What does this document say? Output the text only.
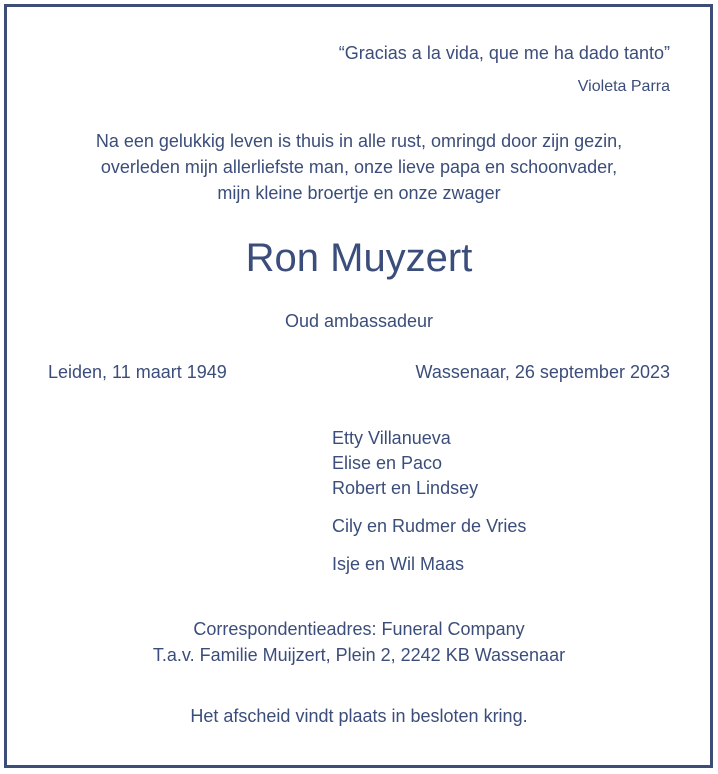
“Gracias a la vida, que me ha dado tanto”
Violeta Parra
Na een gelukkig leven is thuis in alle rust, omringd door zijn gezin,
overleden mijn allerliefste man, onze lieve papa en schoonvader,
mijn kleine broertje en onze zwager
Ron Muyzert
Oud ambassadeur
Leiden, 11 maart 1949	Wassenaar, 26 september 2023
Etty Villanueva
Elise en Paco
Robert en Lindsey
Cily en Rudmer de Vries
Isje en Wil Maas
Correspondentieadres: Funeral Company
T.a.v. Familie Muijzert, Plein 2, 2242 KB Wassenaar
Het afscheid vindt plaats in besloten kring.
